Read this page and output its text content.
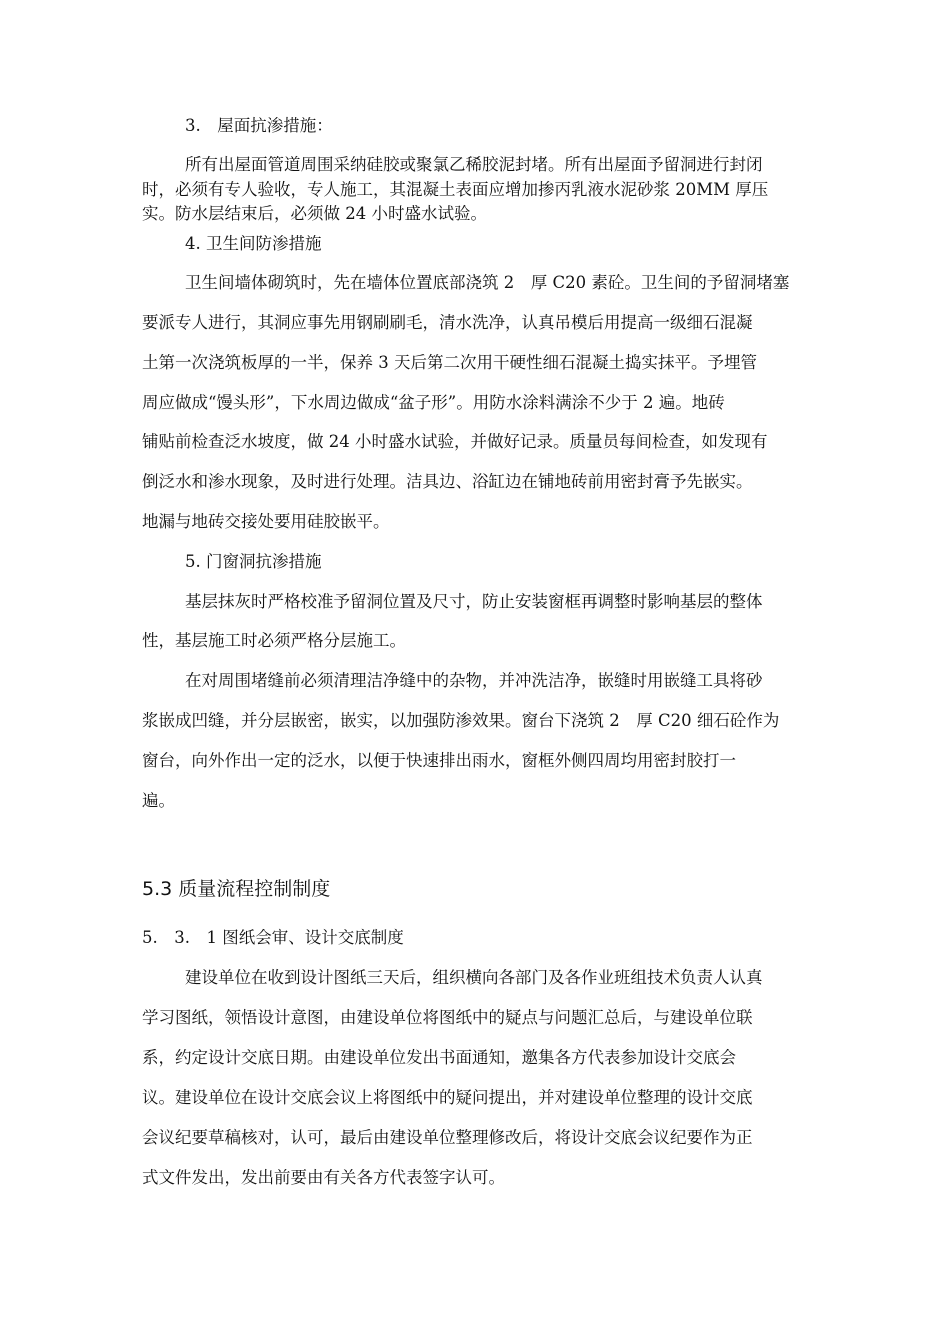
3.　屋面抗渗措施：
所有出屋面管道周围采纳硅胶或聚氯乙稀胶泥封堵。所有出屋面予留洞进行封闭
时，必须有专人验收，专人施工，其混凝土表面应增加掺丙乳液水泥砂浆 20MM 厚压
实。防水层结束后，必须做 24 小时盛水试验。
4. 卫生间防渗措施
卫生间墙体砌筑时，先在墙体位置底部浇筑 2　厚 C20 素砼。卫生间的予留洞堵塞
要派专人进行，其洞应事先用钢刷刷毛，清水洗净，认真吊模后用提高一级细石混凝
土第一次浇筑板厚的一半，保养 3 天后第二次用干硬性细石混凝土捣实抹平。予埋管
周应做成“馒头形”，下水周边做成“盆子形”。用防水涂料满涂不少于 2 遍。地砖
铺贴前检查泛水坡度，做 24 小时盛水试验，并做好记录。质量员每间检查，如发现有
倒泛水和渗水现象，及时进行处理。洁具边、浴缸边在铺地砖前用密封膏予先嵌实。
地漏与地砖交接处要用硅胶嵌平。
5. 门窗洞抗渗措施
基层抹灰时严格校准予留洞位置及尺寸，防止安装窗框再调整时影响基层的整体
性，基层施工时必须严格分层施工。
在对周围堵缝前必须清理洁净缝中的杂物，并冲洗洁净，嵌缝时用嵌缝工具将砂
浆嵌成凹缝，并分层嵌密，嵌实，以加强防渗效果。窗台下浇筑 2　厚 C20 细石砼作为
窗台，向外作出一定的泛水，以便于快速排出雨水，窗框外侧四周均用密封胶打一
遍。
5.3 质量流程控制制度
5.　3.　1 图纸会审、设计交底制度
建设单位在收到设计图纸三天后，组织横向各部门及各作业班组技术负责人认真
学习图纸，领悟设计意图，由建设单位将图纸中的疑点与问题汇总后，与建设单位联
系，约定设计交底日期。由建设单位发出书面通知，邀集各方代表参加设计交底会
议。建设单位在设计交底会议上将图纸中的疑问提出，并对建设单位整理的设计交底
会议纪要草稿核对，认可，最后由建设单位整理修改后，将设计交底会议纪要作为正
式文件发出，发出前要由有关各方代表签字认可。
